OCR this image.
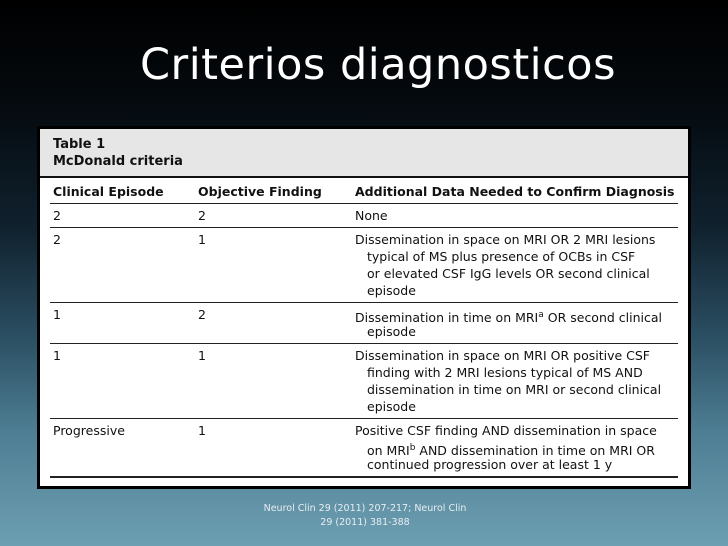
Criterios diagnosticos
Table 1
McDonald criteria
Clinical Episode	Objective Finding	Additional Data Needed to Confirm Diagnosis
2	2	None
2	1	Dissemination in space on MRI OR 2 MRI lesions
typical of MS plus presence of OCBs in CSF
or elevated CSF IgG levels OR second clinical
episode
1	2	Dissemination in time on MRI$^a$ OR second clinical
episode
1	1	Dissemination in space on MRI OR positive CSF
finding with 2 MRI lesions typical of MS AND
dissemination in time on MRI or second clinical
episode
Progressive	1	Positive CSF finding AND dissemination in space
on MRI$^b$ AND dissemination in time on MRI OR
continued progression over at least 1 y
Neurol Clin 29 (2011) 207-217; Neurol Clin
29 (2011) 381-388
